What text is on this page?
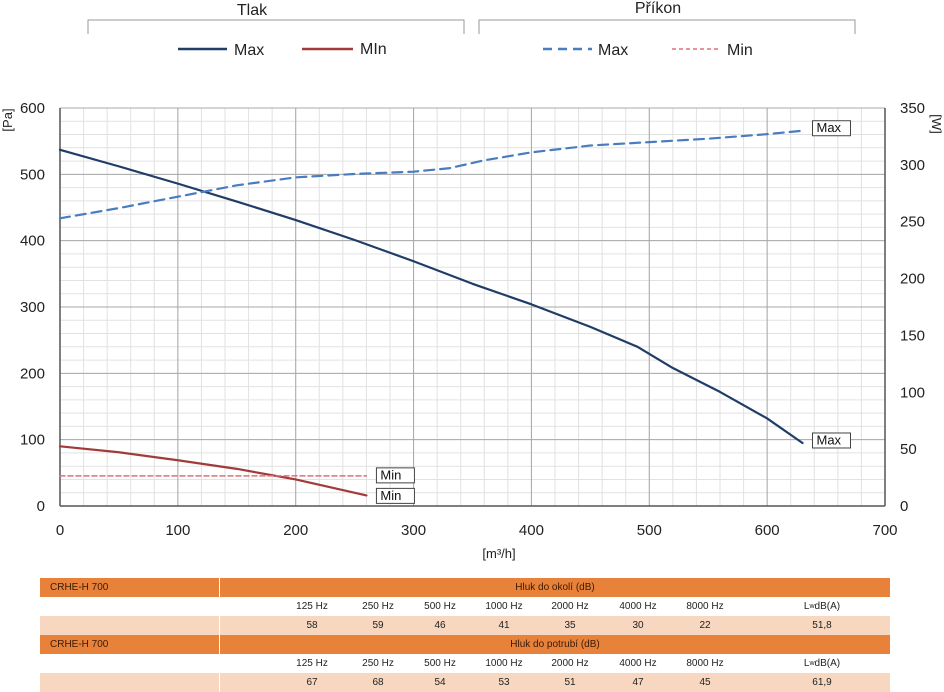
Tlak	Příkon
Max	MIn	Max	Min
0	100	200	300	400	500	600	700
0
100
200
300
400
500
600
0
50
100
150
200
250
300
350
Max
Max
Min
Min
[Pa]	[W]
[m³/h]
CRHE-H 700	Hluk do okolí (dB)
125 Hz	250 Hz	500 Hz	1000 Hz	2000 Hz	4000 Hz	8000 Hz	L w dB(A)
58	59	46	41	35	30	22	51,8
CRHE-H 700	Hluk do potrubí (dB)
125 Hz	250 Hz	500 Hz	1000 Hz	2000 Hz	4000 Hz	8000 Hz	L w dB(A)
67	68	54	53	51	47	45	61,9
